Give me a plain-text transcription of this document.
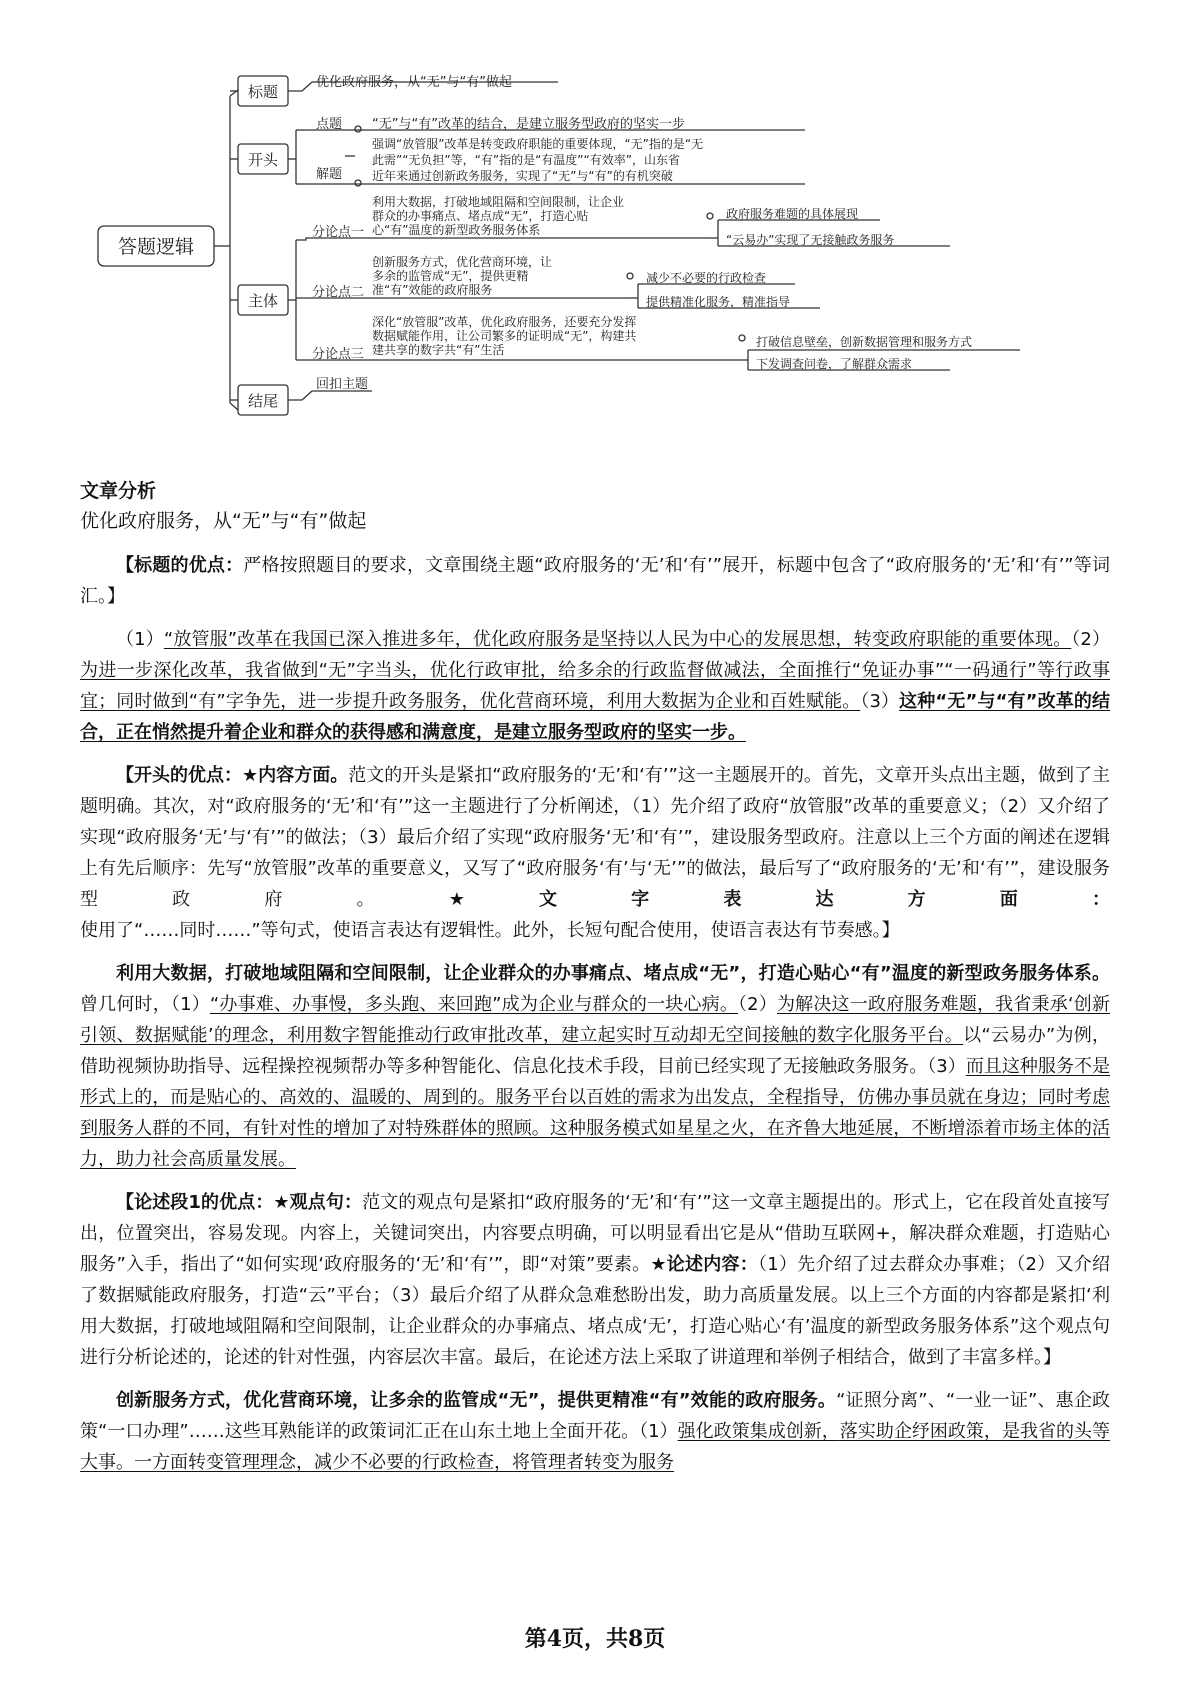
答题逻辑
标题
开头
主体
结尾
优化政府服务，从“无”与“有”做起
点题 “无”与“有”改革的结合，是建立服务型政府的坚实一步
解题
强调“放管服”改革是转变政府职能的重要体现，“无”指的是“无
此需”“无负担”等，“有”指的是“有温度”“有效率”，山东省
近年来通过创新政务服务，实现了“无”与“有”的有机突破
分论点一
利用大数据，打破地域阻隔和空间限制，让企业
群众的办事痛点、堵点成“无”，打造心贴
心“有”温度的新型政务服务体系
政府服务难题的具体展现
“云易办”实现了无接触政务服务
分论点二
创新服务方式，优化营商环境，让
多余的监管成“无”，提供更精
准“有”效能的政府服务
减少不必要的行政检查
提供精准化服务，精准指导
分论点三
深化“放管服”改革，优化政府服务，还要充分发挥
数据赋能作用，让公司繁多的证明成“无”，构建共
建共享的数字共“有”生活
打破信息壁垒，创新数据管理和服务方式
下发调查问卷，了解群众需求
回扣主题
文章分析
优化政府服务，从“无”与“有”做起

【标题的优点：严格按照题目的要求，文章围绕主题“政府服务的‘无’和‘有’”展开，标题中包含了“政府服务的‘无’和‘有’”等词汇。】

（1）“放管服”改革在我国已深入推进多年，优化政府服务是坚持以人民为中心的发展思想，转变政府职能的重要体现。（2）为进一步深化改革，我省做到“无”字当头，优化行政审批，给多余的行政监督做减法，全面推行“免证办事”“一码通行”等行政事宜；同时做到“有”字争先，进一步提升政务服务，优化营商环境，利用大数据为企业和百姓赋能。（3）这种“无”与“有”改革的结合，正在悄然提升着企业和群众的获得感和满意度，是建立服务型政府的坚实一步。

【开头的优点：★内容方面。范文的开头是紧扣“政府服务的‘无’和‘有’”这一主题展开的。首先，文章开头点出主题，做到了主题明确。其次，对“政府服务的‘无’和‘有’”这一主题进行了分析阐述，（1）先介绍了政府“放管服”改革的重要意义；（2）又介绍了实现“政府服务‘无’与‘有’”的做法；（3）最后介绍了实现“政府服务‘无’和‘有’”，建设服务型政府。注意以上三个方面的阐述在逻辑上有先后顺序：先写“放管服”改革的重要意义，又写了“政府服务‘有’与‘无’”的做法，最后写了“政府服务的‘无’和‘有’”，建设服务型政府。★文字表达方面：使用了“……同时……”等句式，使语言表达有逻辑性。此外，长短句配合使用，使语言表达有节奏感。】

利用大数据，打破地域阻隔和空间限制，让企业群众的办事痛点、堵点成“无”，打造心贴心“有”温度的新型政务服务体系。曾几何时，（1）“办事难、办事慢，多头跑、来回跑”成为企业与群众的一块心病。（2）为解决这一政府服务难题，我省秉承‘创新引领、数据赋能’的理念，利用数字智能推动行政审批改革，建立起实时互动却无空间接触的数字化服务平台。以“云易办”为例，借助视频协助指导、远程操控视频帮办等多种智能化、信息化技术手段，目前已经实现了无接触政务服务。（3）而且这种服务不是形式上的，而是贴心的、高效的、温暖的、周到的。服务平台以百姓的需求为出发点，全程指导，仿佛办事员就在身边；同时考虑到服务人群的不同，有针对性的增加了对特殊群体的照顾。这种服务模式如星星之火，在齐鲁大地延展，不断增添着市场主体的活力，助力社会高质量发展。

【论述段1的优点：★观点句：范文的观点句是紧扣“政府服务的‘无’和‘有’”这一文章主题提出的。形式上，它在段首处直接写出，位置突出，容易发现。内容上，关键词突出，内容要点明确，可以明显看出它是从“借助互联网+，解决群众难题，打造贴心服务”入手，指出了“如何实现‘政府服务的‘无’和‘有’”，即“对策”要素。★论述内容：（1）先介绍了过去群众办事难；（2）又介绍了数据赋能政府服务，打造“云”平台；（3）最后介绍了从群众急难愁盼出发，助力高质量发展。以上三个方面的内容都是紧扣‘利用大数据，打破地域阻隔和空间限制，让企业群众的办事痛点、堵点成‘无’，打造心贴心‘有’温度的新型政务服务体系”这个观点句进行分析论述的，论述的针对性强，内容层次丰富。最后，在论述方法上采取了讲道理和举例子相结合，做到了丰富多样。】

创新服务方式，优化营商环境，让多余的监管成“无”，提供更精准“有”效能的政府服务。“证照分离”、“一业一证”、惠企政策“一口办理”……这些耳熟能详的政策词汇正在山东土地上全面开花。（1）强化政策集成创新，落实助企纾困政策，是我省的头等大事。一方面转变管理理念，减少不必要的行政检查，将管理者转变为服务

第4页，共8页
